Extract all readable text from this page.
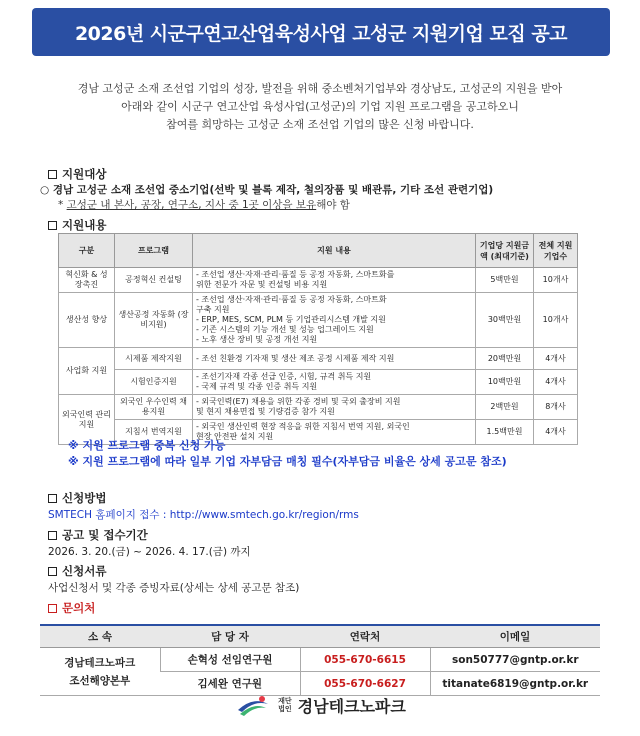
2026년 시군구연고산업육성사업 고성군 지원기업 모집 공고
경남 고성군 소재 조선업 기업의 성장, 발전을 위해 중소벤처기업부와 경상남도, 고성군의 지원을 받아
아래와 같이 시군구 연고산업 육성사업(고성군)의 기업 지원 프로그램을 공고하오니
참여를 희망하는 고성군 소재 조선업 기업의 많은 신청 바랍니다.
지원대상
○ 경남 고성군 소재 조선업 중소기업(선박 및 블록 제작, 철의장품 및 배관류, 기타 조선 관련기업)
* 고성군 내 본사, 공장, 연구소, 지사 중 1곳 이상을 보유해야 함
지원내용
구분	프로그램	지원 내용	기업당 지원금액 (최대기준)	전체 지원 기업수
혁신화 & 성장촉진	공정혁신 컨설팅	- 조선업 생산·자재·관리·품질 등 공정 자동화, 스마트화를
위한 전문가 자문 및 컨설팅 비용 지원	5백만원	10개사
생산성 향상	생산공정 자동화 (장비지원)	- 조선업 생산·자재·관리·품질 등 공정 자동화, 스마트화
구축 지원
- ERP, MES, SCM, PLM 등 기업관리시스템 개발 지원
- 기존 시스템의 기능 개선 및 성능 업그레이드 지원
- 노후 생산 장비 및 공정 개선 지원	30백만원	10개사
사업화 지원	시제품 제작지원	- 조선 친환경 기자재 및 생산 제조 공정 시제품 제작 지원	20백만원	4개사
	시험인증지원	- 조선기자재 각종 선급 인증, 시험, 규격 취득 지원
- 국제 규격 및 각종 인증 취득 지원	10백만원	4개사
외국인력 관리지원	외국인 우수인력 채용지원	- 외국인력(E7) 채용을 위한 각종 경비 및 국외 출장비 지원
및 현지 채용면접 및 기량검증 참가 지원	2백만원	8개사
	지침서 번역지원	- 외국인 생산인력 현장 적응을 위한 지침서 번역 지원, 외국인
현장 안전판 설치 지원	1.5백만원	4개사
※ 지원 프로그램 중복 신청 가능
※ 지원 프로그램에 따라 일부 기업 자부담금 매칭 필수(자부담금 비율은 상세 공고문 참조)
신청방법
SMTECH 홈페이지 접수 : http://www.smtech.go.kr/region/rms
공고 및 접수기간
2026. 3. 20.(금) ~ 2026. 4. 17.(금) 까지
신청서류
사업신청서 및 각종 증빙자료(상세는 상세 공고문 참조)
문의처
소 속	담 당 자	연락처	이메일

경남테크노파크
조선해양본부	손혁성 선임연구원	055-670-6615	son50777@gntp.or.kr
	김세완 연구원	055-670-6627	titanate6819@gntp.or.kr
재단
법인 경남테크노파크
